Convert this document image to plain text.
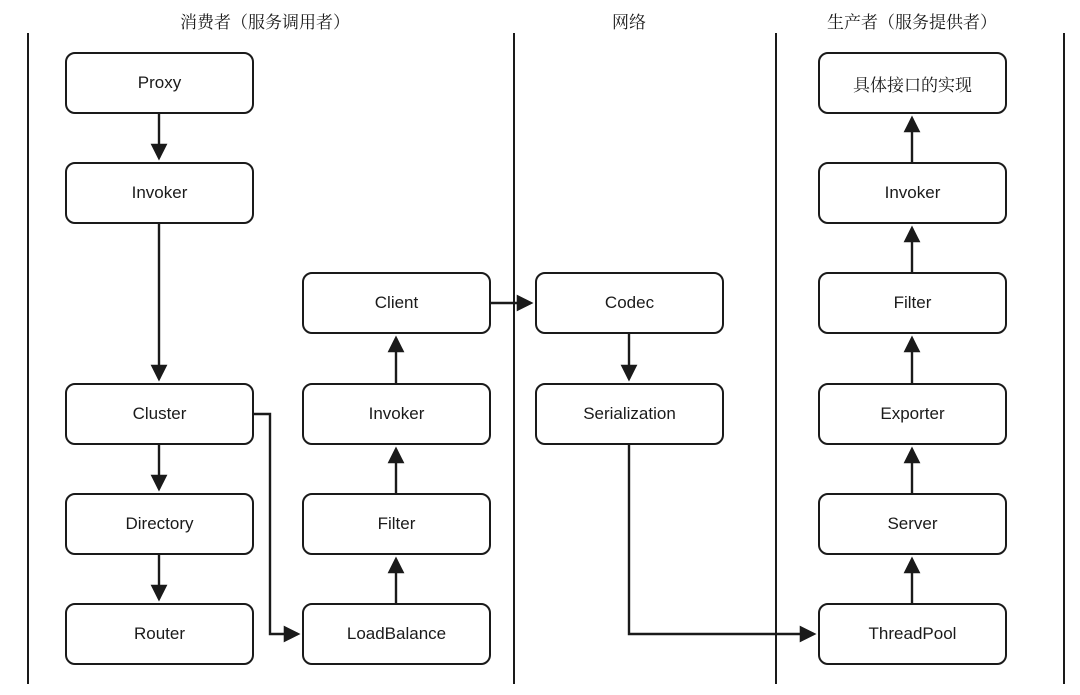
消费者（服务调用者）	网络	生产者（服务提供者）
Proxy
Invoker
Cluster
Directory
Router
Client
Invoker
Filter
LoadBalance
Codec
Serialization
具体接口的实现
Invoker
Filter
Exporter
Server
ThreadPool
